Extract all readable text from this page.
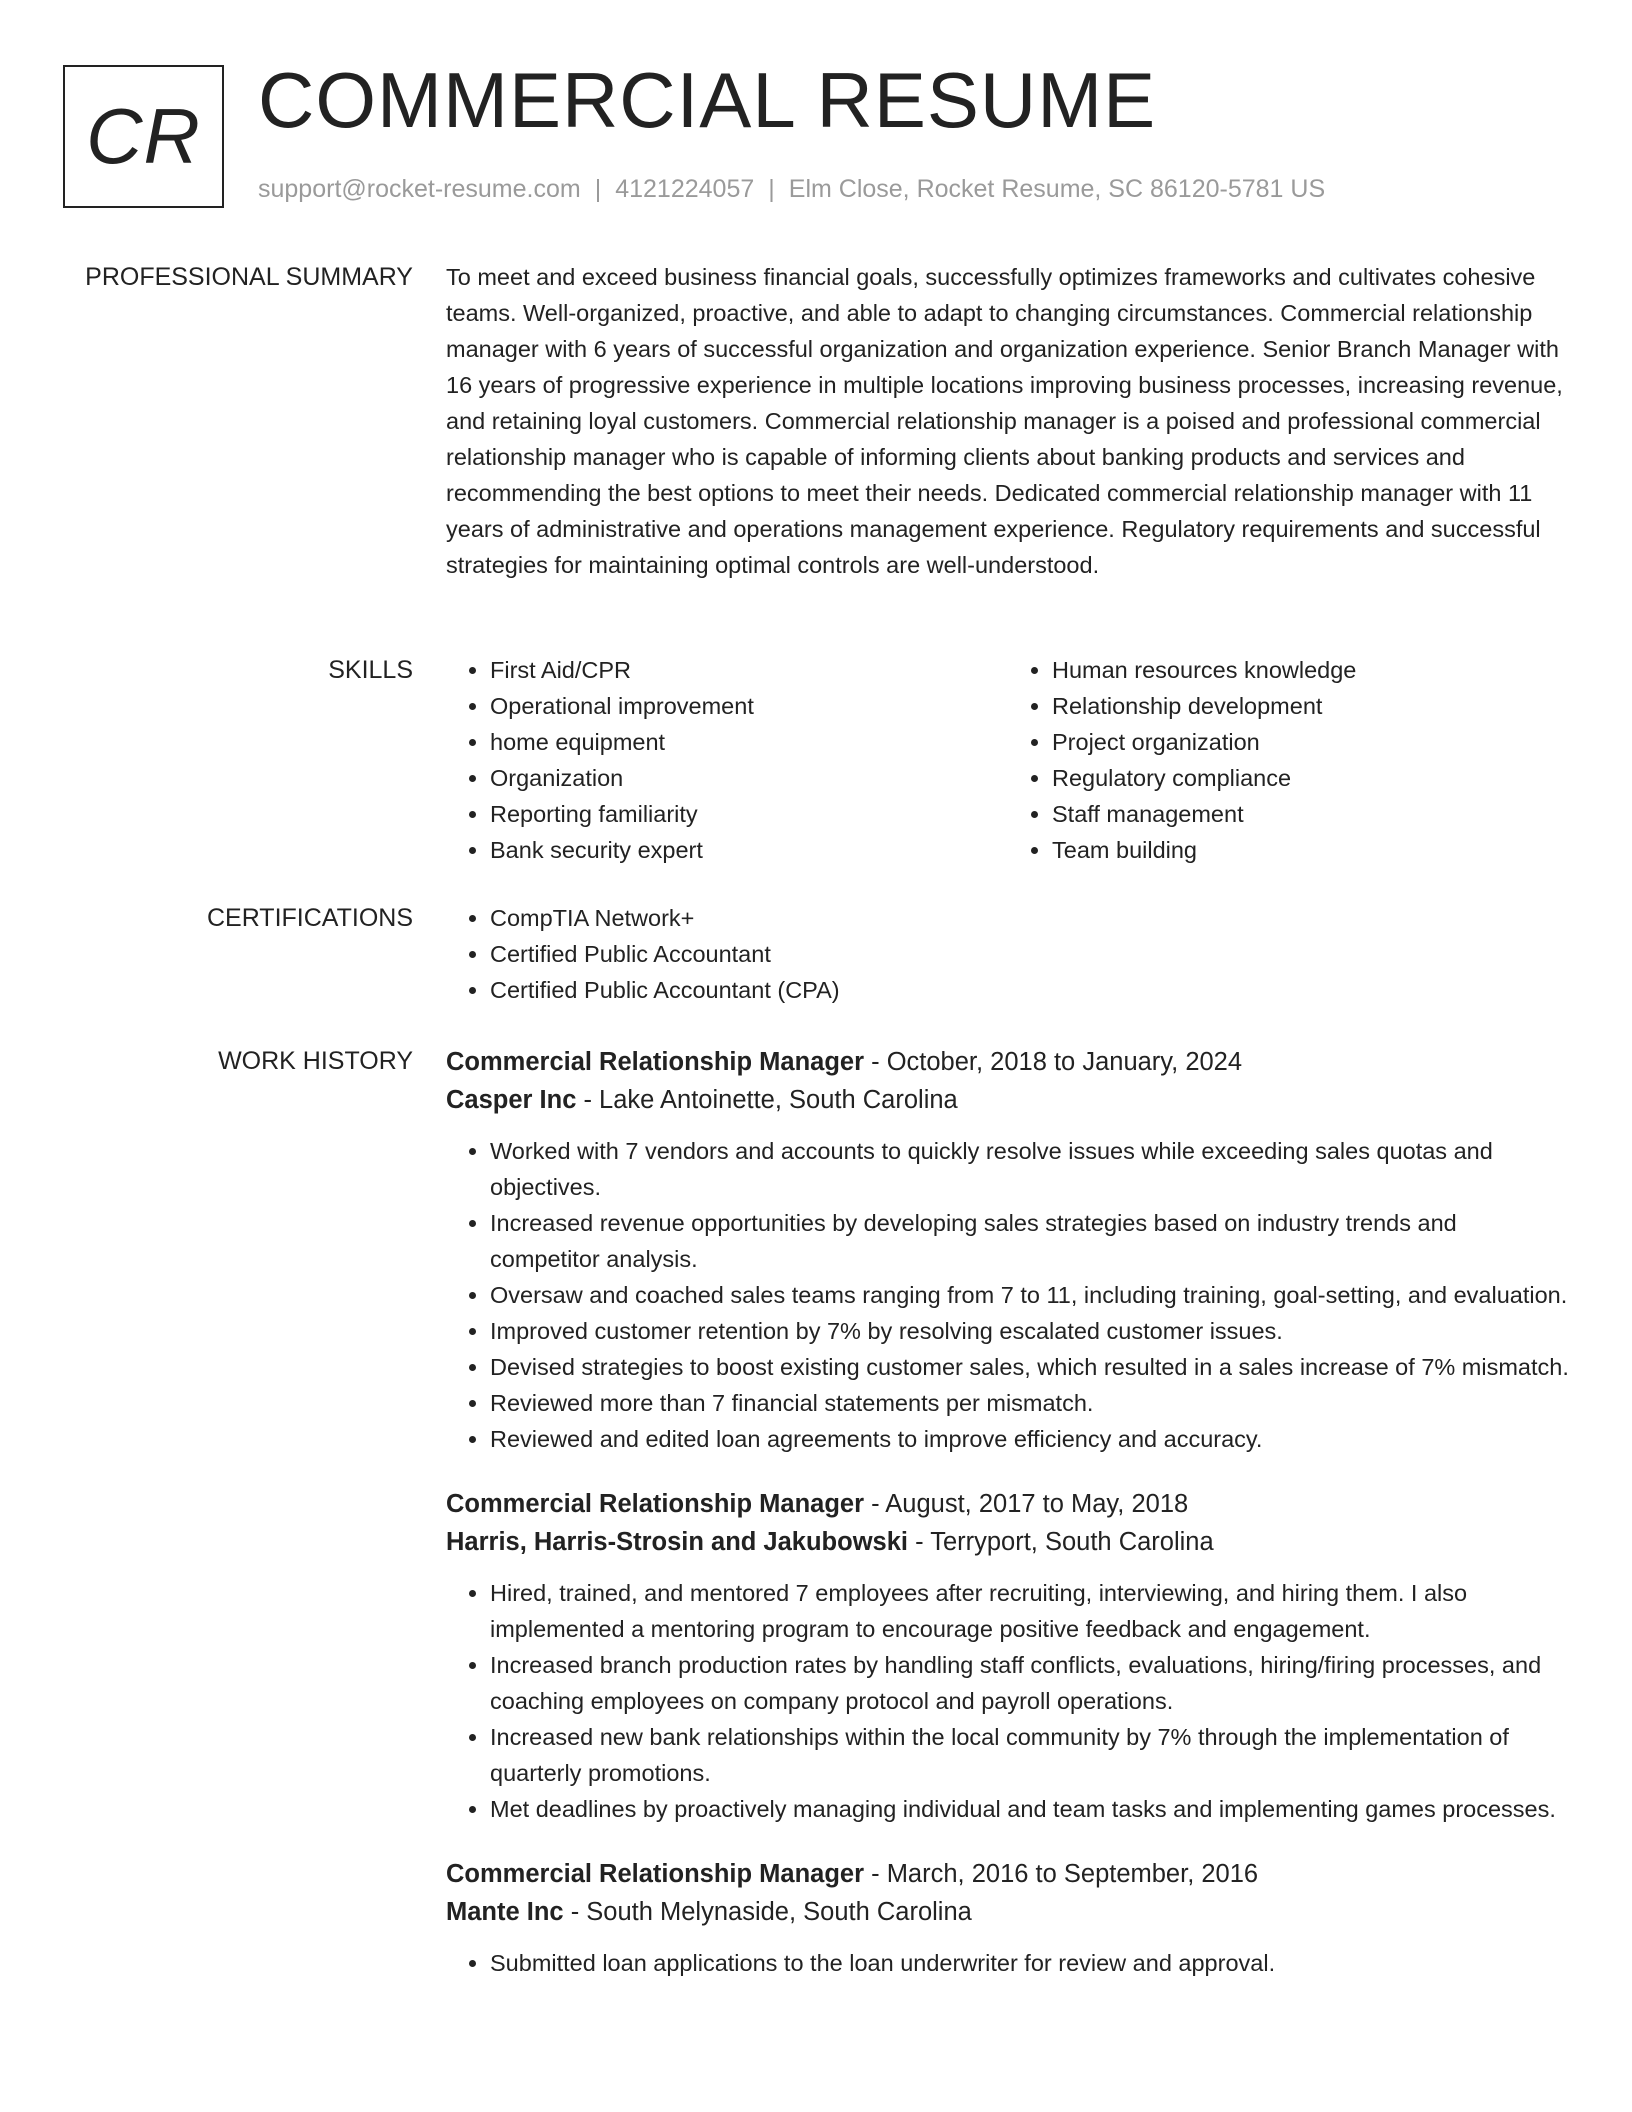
CR COMMERCIAL RESUME
support@rocket-resume.com | 4121224057 | Elm Close, Rocket Resume, SC 86120-5781 US
PROFESSIONAL SUMMARY To meet and exceed business financial goals, successfully optimizes frameworks and cultivates cohesive teams. Well-organized, proactive, and able to adapt to changing circumstances. Commercial relationship manager with 6 years of successful organization and organization experience. Senior Branch Manager with 16 years of progressive experience in multiple locations improving business processes, increasing revenue, and retaining loyal customers. Commercial relationship manager is a poised and professional commercial relationship manager who is capable of informing clients about banking products and services and recommending the best options to meet their needs. Dedicated commercial relationship manager with 11 years of administrative and operations management experience. Regulatory requirements and successful strategies for maintaining optimal controls are well-understood.
SKILLS	• First Aid/CPR
• Operational improvement
• home equipment
• Organization
• Reporting familiarity
• Bank security expert
• Human resources knowledge
• Relationship development
• Project organization
• Regulatory compliance
• Staff management
• Team building
CERTIFICATIONS	• CompTIA Network+
• Certified Public Accountant
• Certified Public Accountant (CPA)
WORK HISTORY Commercial Relationship Manager - October, 2018 to January, 2024
Casper Inc - Lake Antoinette, South Carolina
• Worked with 7 vendors and accounts to quickly resolve issues while exceeding sales quotas and objectives.
• Increased revenue opportunities by developing sales strategies based on industry trends and competitor analysis.
• Oversaw and coached sales teams ranging from 7 to 11, including training, goal-setting, and evaluation.
• Improved customer retention by 7% by resolving escalated customer issues.
• Devised strategies to boost existing customer sales, which resulted in a sales increase of 7% mismatch.
• Reviewed more than 7 financial statements per mismatch.
• Reviewed and edited loan agreements to improve efficiency and accuracy.
Commercial Relationship Manager - August, 2017 to May, 2018
Harris, Harris-Strosin and Jakubowski - Terryport, South Carolina
• Hired, trained, and mentored 7 employees after recruiting, interviewing, and hiring them. I also implemented a mentoring program to encourage positive feedback and engagement.
• Increased branch production rates by handling staff conflicts, evaluations, hiring/firing processes, and coaching employees on company protocol and payroll operations.
• Increased new bank relationships within the local community by 7% through the implementation of quarterly promotions.
• Met deadlines by proactively managing individual and team tasks and implementing games processes.
Commercial Relationship Manager - March, 2016 to September, 2016
Mante Inc - South Melynaside, South Carolina
• Submitted loan applications to the loan underwriter for review and approval.
